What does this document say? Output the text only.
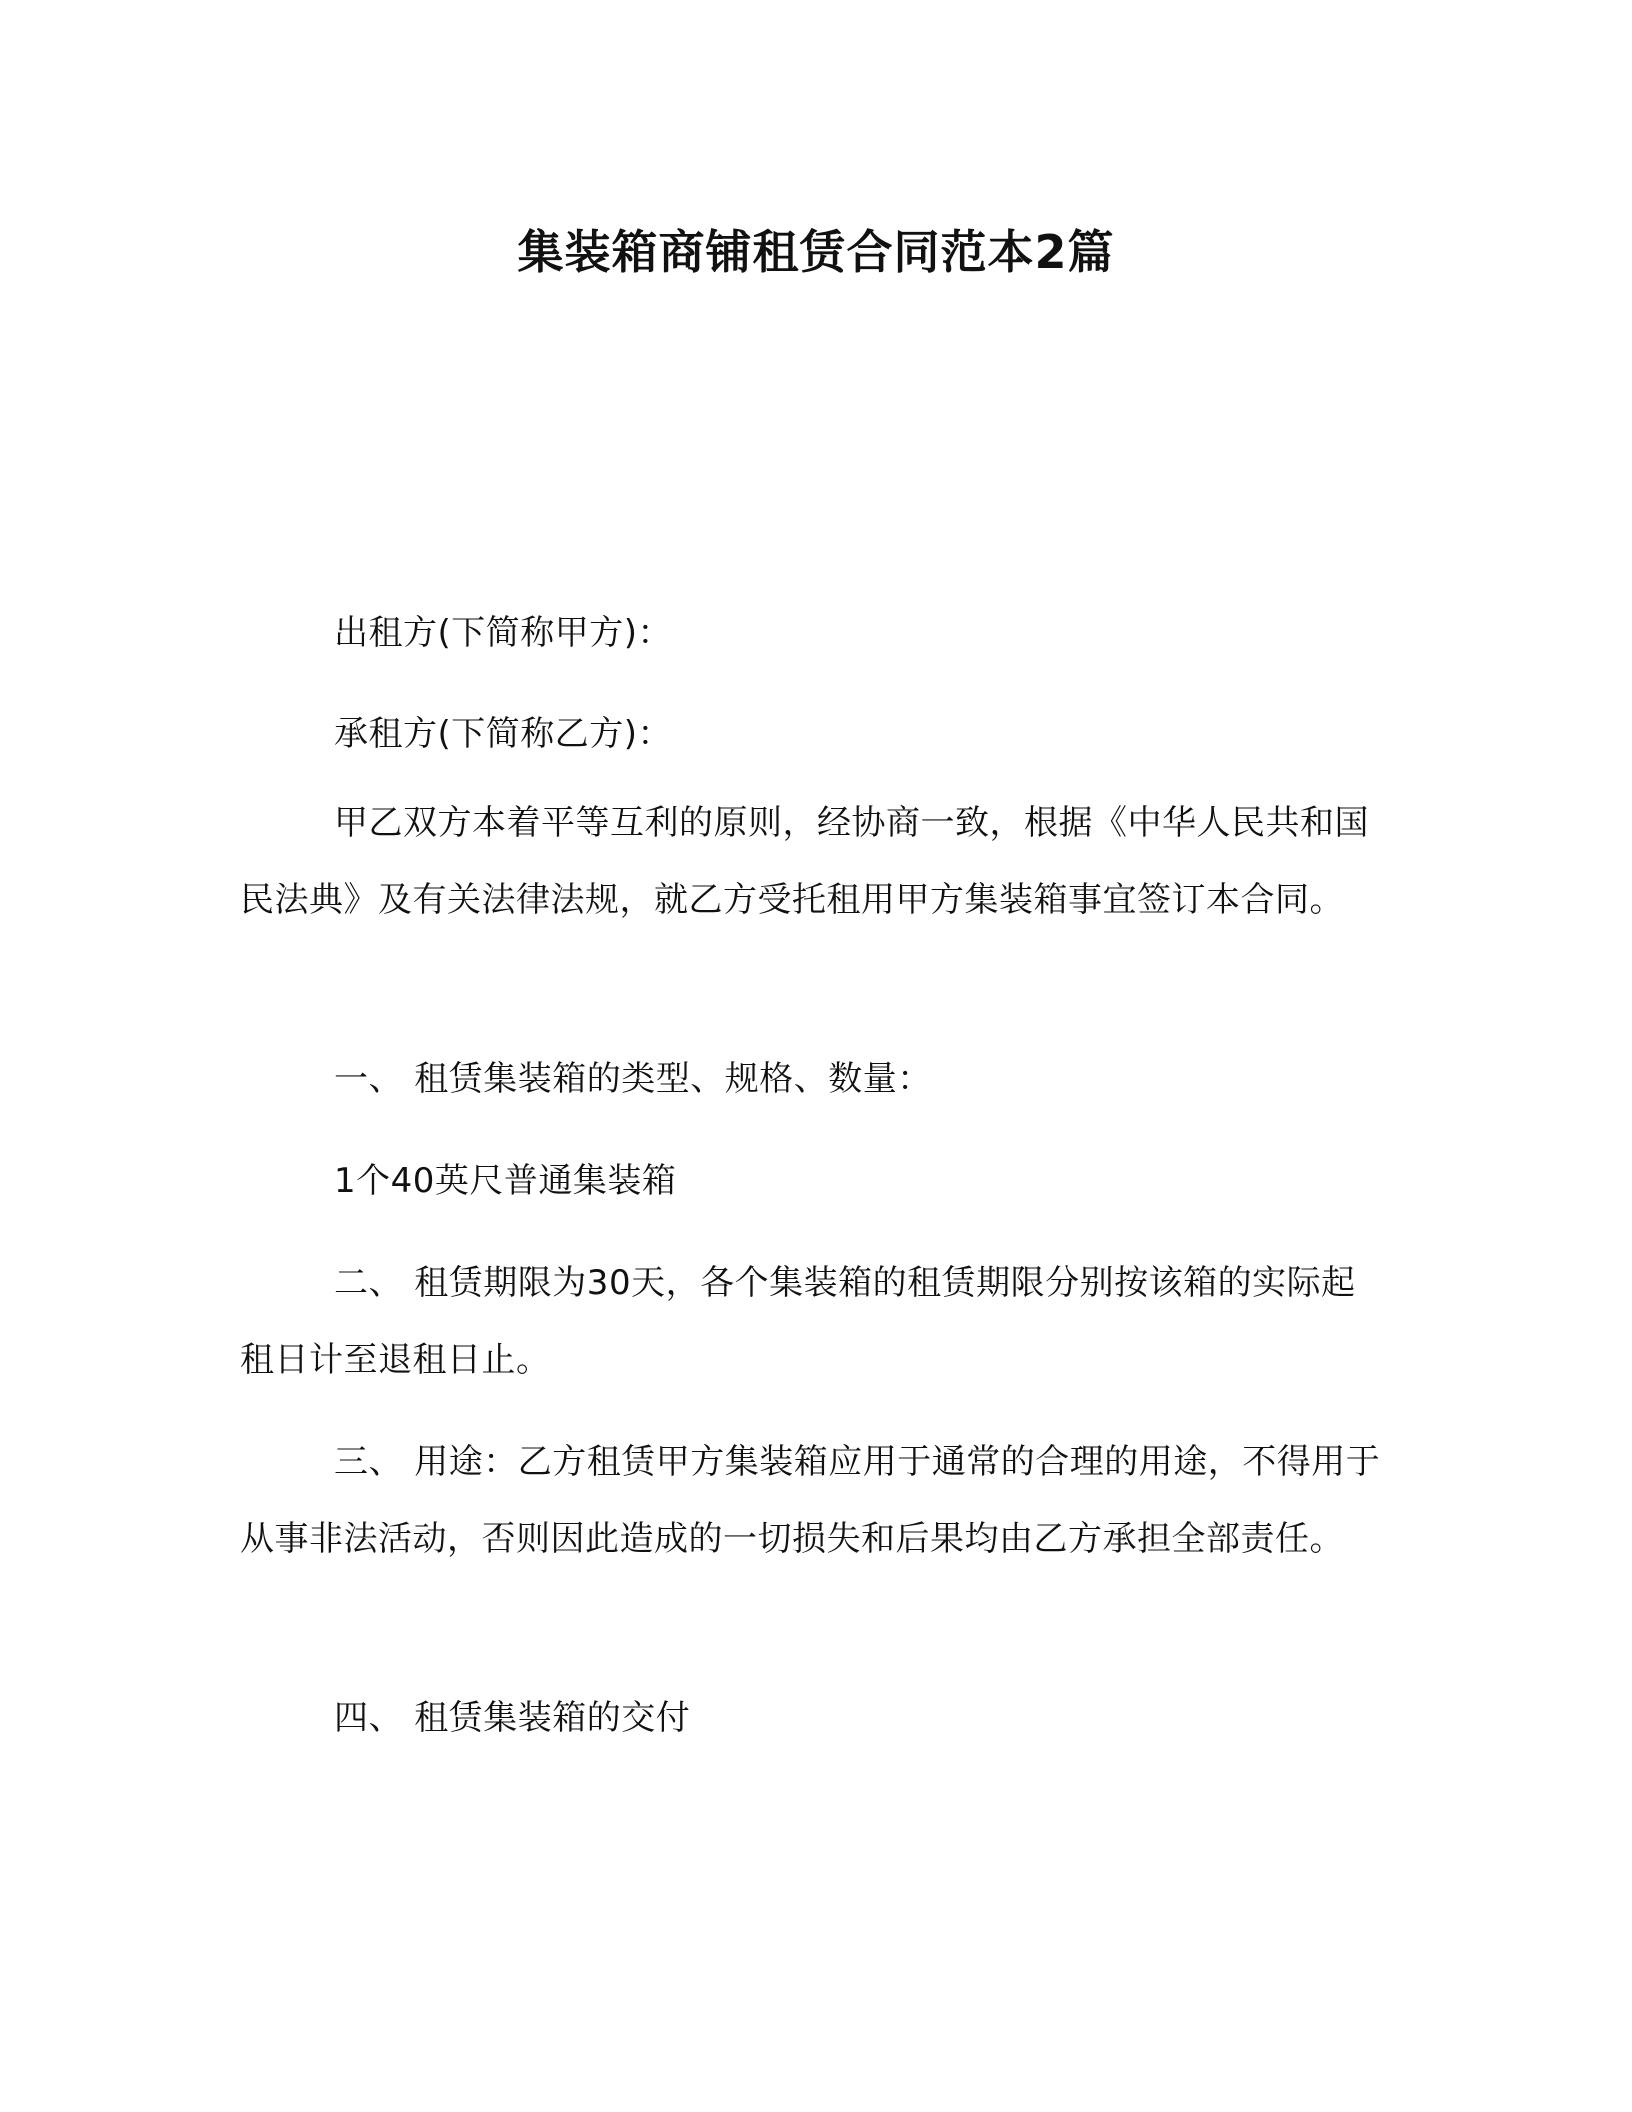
集装箱商铺租赁合同范本2篇
出租方(下简称甲方)：
承租方(下简称乙方)：
甲乙双方本着平等互利的原则，经协商一致，根据《中华人民共和国民法典》及有关法律法规，就乙方受托租用甲方集装箱事宜签订本合同。
一、 租赁集装箱的类型、规格、数量：
1个40英尺普通集装箱
二、 租赁期限为30天，各个集装箱的租赁期限分别按该箱的实际起租日计至退租日止。
三、 用途：乙方租赁甲方集装箱应用于通常的合理的用途，不得用于从事非法活动，否则因此造成的一切损失和后果均由乙方承担全部责任。
四、 租赁集装箱的交付
